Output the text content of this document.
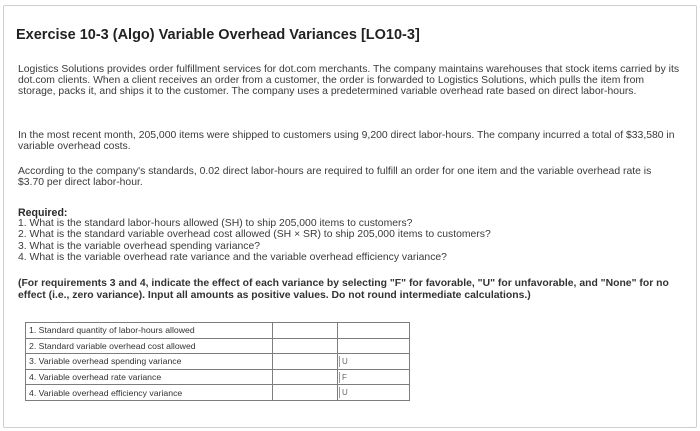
Exercise 10-3 (Algo) Variable Overhead Variances [LO10-3]

Logistics Solutions provides order fulfillment services for dot.com merchants. The company maintains warehouses that stock items carried by its dot.com clients. When a client receives an order from a customer, the order is forwarded to Logistics Solutions, which pulls the item from storage, packs it, and ships it to the customer. The company uses a predetermined variable overhead rate based on direct labor-hours.

In the most recent month, 205,000 items were shipped to customers using 9,200 direct labor-hours. The company incurred a total of $33,580 in variable overhead costs.

According to the company's standards, 0.02 direct labor-hours are required to fulfill an order for one item and the variable overhead rate is $3.70 per direct labor-hour.

Required:
1. What is the standard labor-hours allowed (SH) to ship 205,000 items to customers?
2. What is the standard variable overhead cost allowed (SH × SR) to ship 205,000 items to customers?
3. What is the variable overhead spending variance?
4. What is the variable overhead rate variance and the variable overhead efficiency variance?

(For requirements 3 and 4, indicate the effect of each variance by selecting "F" for favorable, "U" for unfavorable, and "None" for no effect (i.e., zero variance). Input all amounts as positive values. Do not round intermediate calculations.)

1. Standard quantity of labor-hours allowed		
2. Standard variable overhead cost allowed		
3. Variable overhead spending variance		U
4. Variable overhead rate variance		F
4. Variable overhead efficiency variance		U
